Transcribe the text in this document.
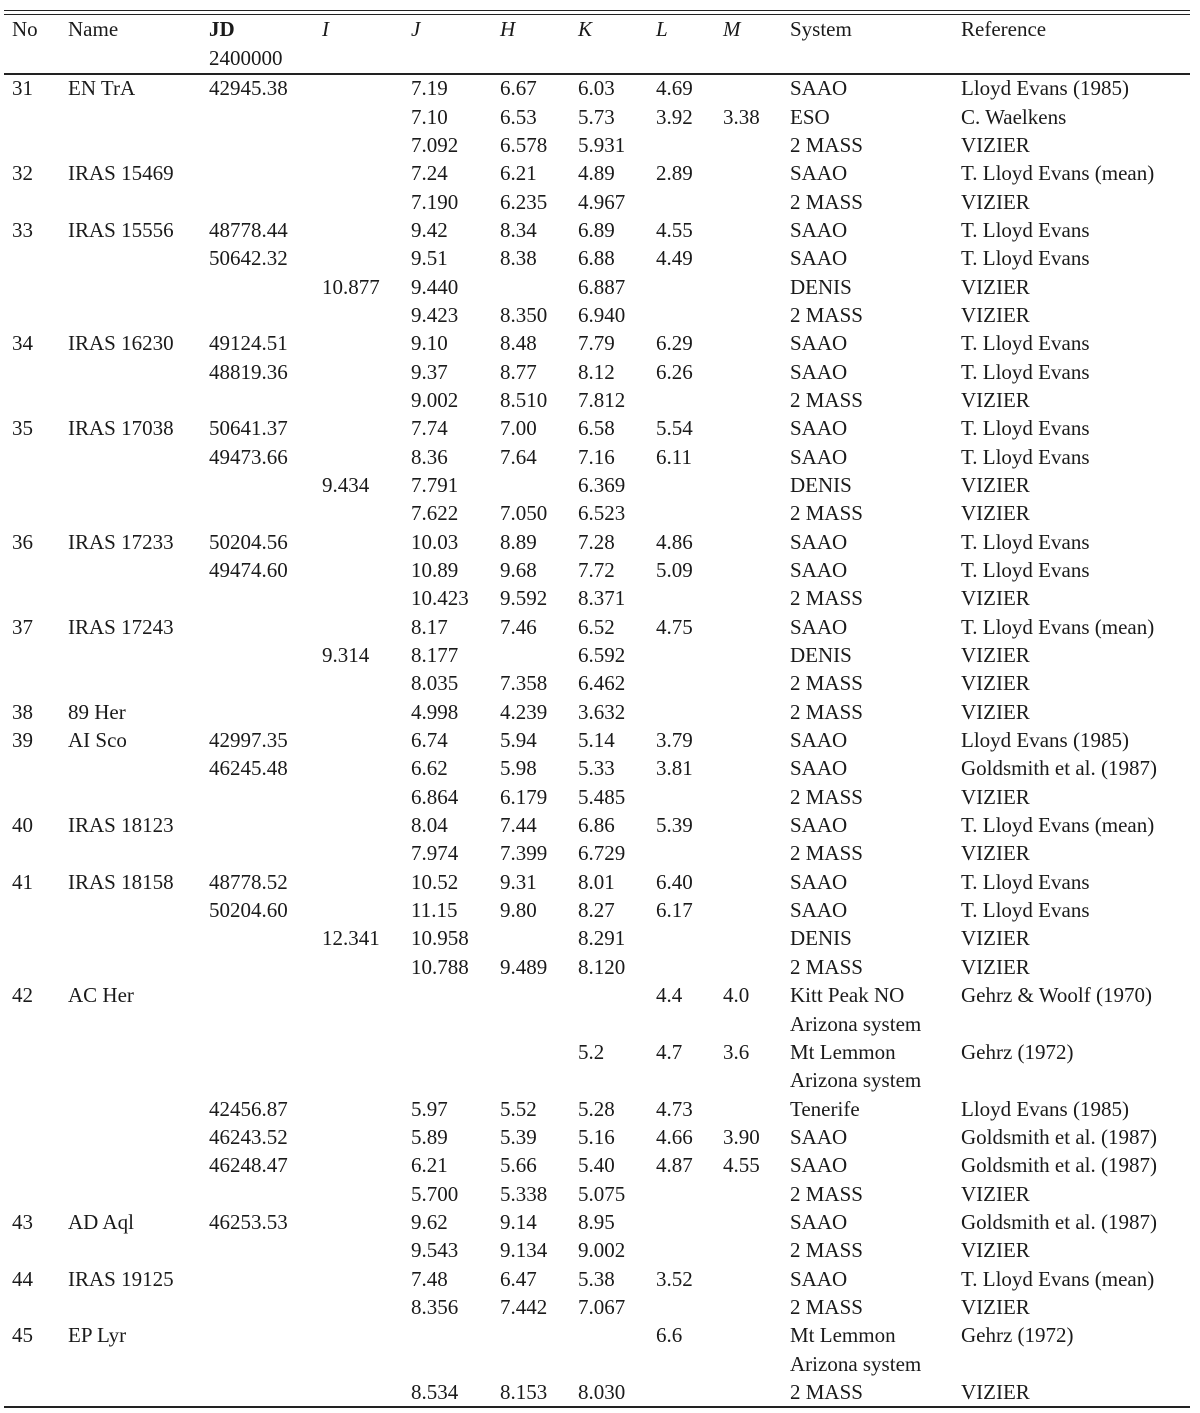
No	Name	JD	I	J	H	K	L	M	System	Reference
		2400000								
31	EN TrA	42945.38		7.19	6.67	6.03	4.69		SAAO	Lloyd Evans (1985)
				7.10	6.53	5.73	3.92	3.38	ESO	C. Waelkens
				7.092	6.578	5.931			2 MASS	VIZIER
32	IRAS 15469			7.24	6.21	4.89	2.89		SAAO	T. Lloyd Evans (mean)
				7.190	6.235	4.967			2 MASS	VIZIER
33	IRAS 15556	48778.44		9.42	8.34	6.89	4.55		SAAO	T. Lloyd Evans
		50642.32		9.51	8.38	6.88	4.49		SAAO	T. Lloyd Evans
			10.877	9.440		6.887			DENIS	VIZIER
				9.423	8.350	6.940			2 MASS	VIZIER
34	IRAS 16230	49124.51		9.10	8.48	7.79	6.29		SAAO	T. Lloyd Evans
		48819.36		9.37	8.77	8.12	6.26		SAAO	T. Lloyd Evans
				9.002	8.510	7.812			2 MASS	VIZIER
35	IRAS 17038	50641.37		7.74	7.00	6.58	5.54		SAAO	T. Lloyd Evans
		49473.66		8.36	7.64	7.16	6.11		SAAO	T. Lloyd Evans
			9.434	7.791		6.369			DENIS	VIZIER
				7.622	7.050	6.523			2 MASS	VIZIER
36	IRAS 17233	50204.56		10.03	8.89	7.28	4.86		SAAO	T. Lloyd Evans
		49474.60		10.89	9.68	7.72	5.09		SAAO	T. Lloyd Evans
				10.423	9.592	8.371			2 MASS	VIZIER
37	IRAS 17243			8.17	7.46	6.52	4.75		SAAO	T. Lloyd Evans (mean)
			9.314	8.177		6.592			DENIS	VIZIER
				8.035	7.358	6.462			2 MASS	VIZIER
38	89 Her			4.998	4.239	3.632			2 MASS	VIZIER
39	AI Sco	42997.35		6.74	5.94	5.14	3.79		SAAO	Lloyd Evans (1985)
		46245.48		6.62	5.98	5.33	3.81		SAAO	Goldsmith et al. (1987)
				6.864	6.179	5.485			2 MASS	VIZIER
40	IRAS 18123			8.04	7.44	6.86	5.39		SAAO	T. Lloyd Evans (mean)
				7.974	7.399	6.729			2 MASS	VIZIER
41	IRAS 18158	48778.52		10.52	9.31	8.01	6.40		SAAO	T. Lloyd Evans
		50204.60		11.15	9.80	8.27	6.17		SAAO	T. Lloyd Evans
			12.341	10.958		8.291			DENIS	VIZIER
				10.788	9.489	8.120			2 MASS	VIZIER
42	AC Her						4.4	4.0	Kitt Peak NO	Gehrz & Woolf (1970)
									Arizona system	
						5.2	4.7	3.6	Mt Lemmon	Gehrz (1972)
									Arizona system	
		42456.87		5.97	5.52	5.28	4.73		Tenerife	Lloyd Evans (1985)
		46243.52		5.89	5.39	5.16	4.66	3.90	SAAO	Goldsmith et al. (1987)
		46248.47		6.21	5.66	5.40	4.87	4.55	SAAO	Goldsmith et al. (1987)
				5.700	5.338	5.075			2 MASS	VIZIER
43	AD Aql	46253.53		9.62	9.14	8.95			SAAO	Goldsmith et al. (1987)
				9.543	9.134	9.002			2 MASS	VIZIER
44	IRAS 19125			7.48	6.47	5.38	3.52		SAAO	T. Lloyd Evans (mean)
				8.356	7.442	7.067			2 MASS	VIZIER
45	EP Lyr						6.6		Mt Lemmon	Gehrz (1972)
									Arizona system	
				8.534	8.153	8.030			2 MASS	VIZIER
